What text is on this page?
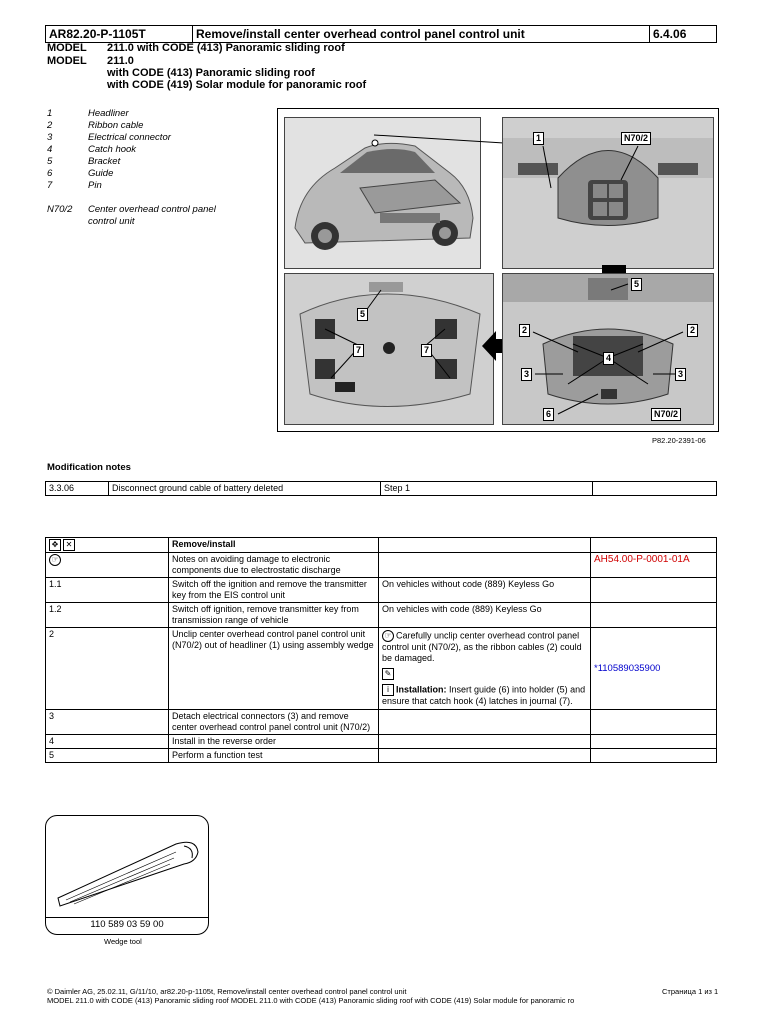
AR82.20-P-1105T	Remove/install center overhead control panel control unit	6.4.06
MODEL 211.0 with CODE (413) Panoramic sliding roof
MODEL 211.0
with CODE (413) Panoramic sliding roof
with CODE (419) Solar module for panoramic roof
1	Headliner
2	Ribbon cable
3	Electrical connector
4	Catch hook
5	Bracket
6	Guide
7	Pin
N70/2 Center overhead control panel
control unit
1	N70/2
5
7	7
5
2	2
4
3	3
6	N70/2
P82.20-2391-06
Modification notes
3.3.06	Disconnect ground cable of battery deleted	Step 1	
✥ ✕	Remove/install		
☞	Notes on avoiding damage to electronic components due to electrostatic discharge		AH54.00-P-0001-01A
1.1	Switch off the ignition and remove the transmitter key from the EIS control unit	On vehicles without code (889) Keyless Go	
1.2	Switch off ignition, remove transmitter key from transmission range of vehicle	On vehicles with code (889) Keyless Go	
2	Unclip center overhead control panel control unit (N70/2) out of headliner (1) using assembly wedge	☞ Carefully unclip center overhead control panel control unit (N70/2), as the ribbon cables (2) could be damaged.
✎
i Installation: Insert guide (6) into holder (5) and ensure that catch hook (4) latches in journal (7).	*110589035900
3	Detach electrical connectors (3) and remove center overhead control panel control unit (N70/2)		
4	Install in the reverse order		
5	Perform a function test		
110 589 03 59 00
Wedge tool
© Daimler AG, 25.02.11, G/11/10, ar82.20-p-1105t, Remove/install center overhead control panel control unit	Страница 1 из 1
MODEL 211.0 with CODE (413) Panoramic sliding roof MODEL 211.0 with CODE (413) Panoramic sliding roof with CODE (419) Solar module for panoramic ro
